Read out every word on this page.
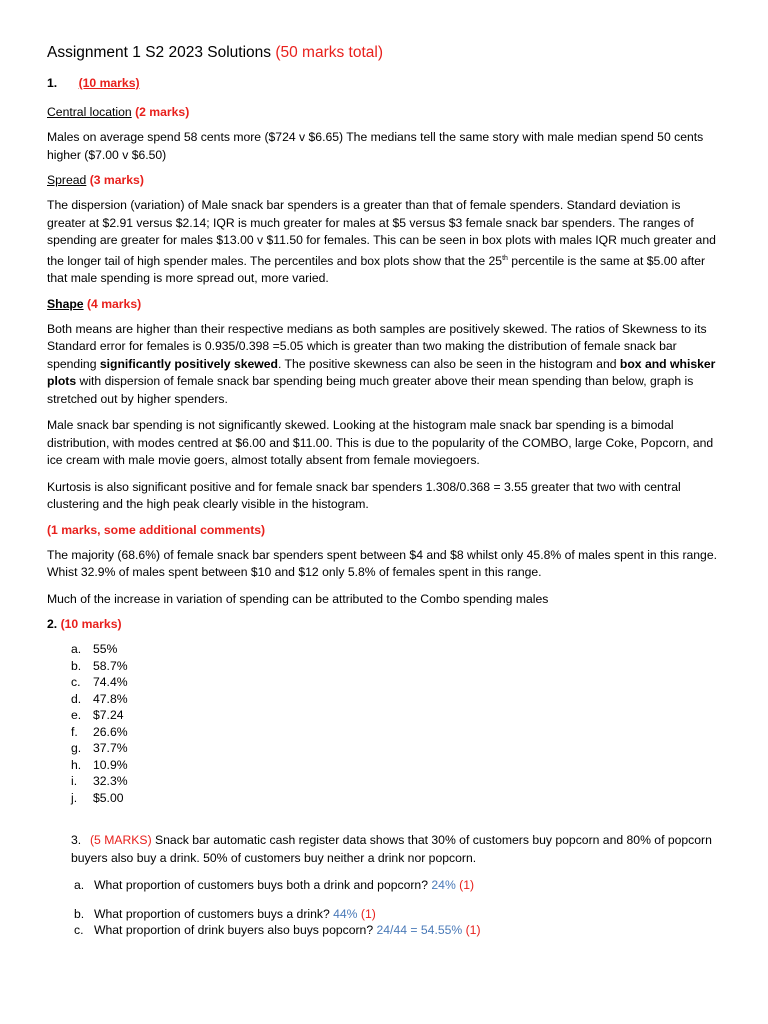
Assignment 1 S2 2023 Solutions (50 marks total)
1. (10 marks)
Central location (2 marks)

Males on average spend 58 cents more ($724 v $6.65) The medians tell the same story with male median spend 50 cents higher ($7.00 v $6.50)

Spread (3 marks)

The dispersion (variation) of Male snack bar spenders is a greater than that of female spenders. Standard deviation is greater at $2.91 versus $2.14; IQR is much greater for males at $5 versus $3 female snack bar spenders. The ranges of spending are greater for males $13.00 v $11.50 for females. This can be seen in box plots with males IQR much greater and the longer tail of high spender males. The percentiles and box plots show that the 25th percentile is the same at $5.00 after that male spending is more spread out, more varied.

Shape (4 marks)

Both means are higher than their respective medians as both samples are positively skewed. The ratios of Skewness to its Standard error for females is 0.935/0.398 =5.05 which is greater than two making the distribution of female snack bar spending significantly positively skewed. The positive skewness can also be seen in the histogram and box and whisker plots with dispersion of female snack bar spending being much greater above their mean spending than below, graph is stretched out by higher spenders.

Male snack bar spending is not significantly skewed. Looking at the histogram male snack bar spending is a bimodal distribution, with modes centred at $6.00 and $11.00. This is due to the popularity of the COMBO, large Coke, Popcorn, and ice cream with male movie goers, almost totally absent from female moviegoers.

Kurtosis is also significant positive and for female snack bar spenders 1.308/0.368 = 3.55 greater that two with central clustering and the high peak clearly visible in the histogram.

(1 marks, some additional comments)

The majority (68.6%) of female snack bar spenders spent between $4 and $8 whilst only 45.8% of males spent in this range. Whist 32.9% of males spent between $10 and $12 only 5.8% of females spent in this range.

Much of the increase in variation of spending can be attributed to the Combo spending males

2. (10 marks)
a. 55%
b. 58.7%
c.	74.4%
d. 47.8%
e. $7.24
f.	26.6%
g. 37.7%
h. 10.9%
i.	32.3%
j.	$5.00
3. (5 MARKS) Snack bar automatic cash register data shows that 30% of customers buy popcorn and 80% of popcorn buyers also buy a drink. 50% of customers buy neither a drink nor popcorn.
a. What proportion of customers buys both a drink and popcorn? 24% (1)
b. What proportion of customers buys a drink? 44% (1)
c. What proportion of drink buyers also buys popcorn? 24/44 = 54.55% (1)
